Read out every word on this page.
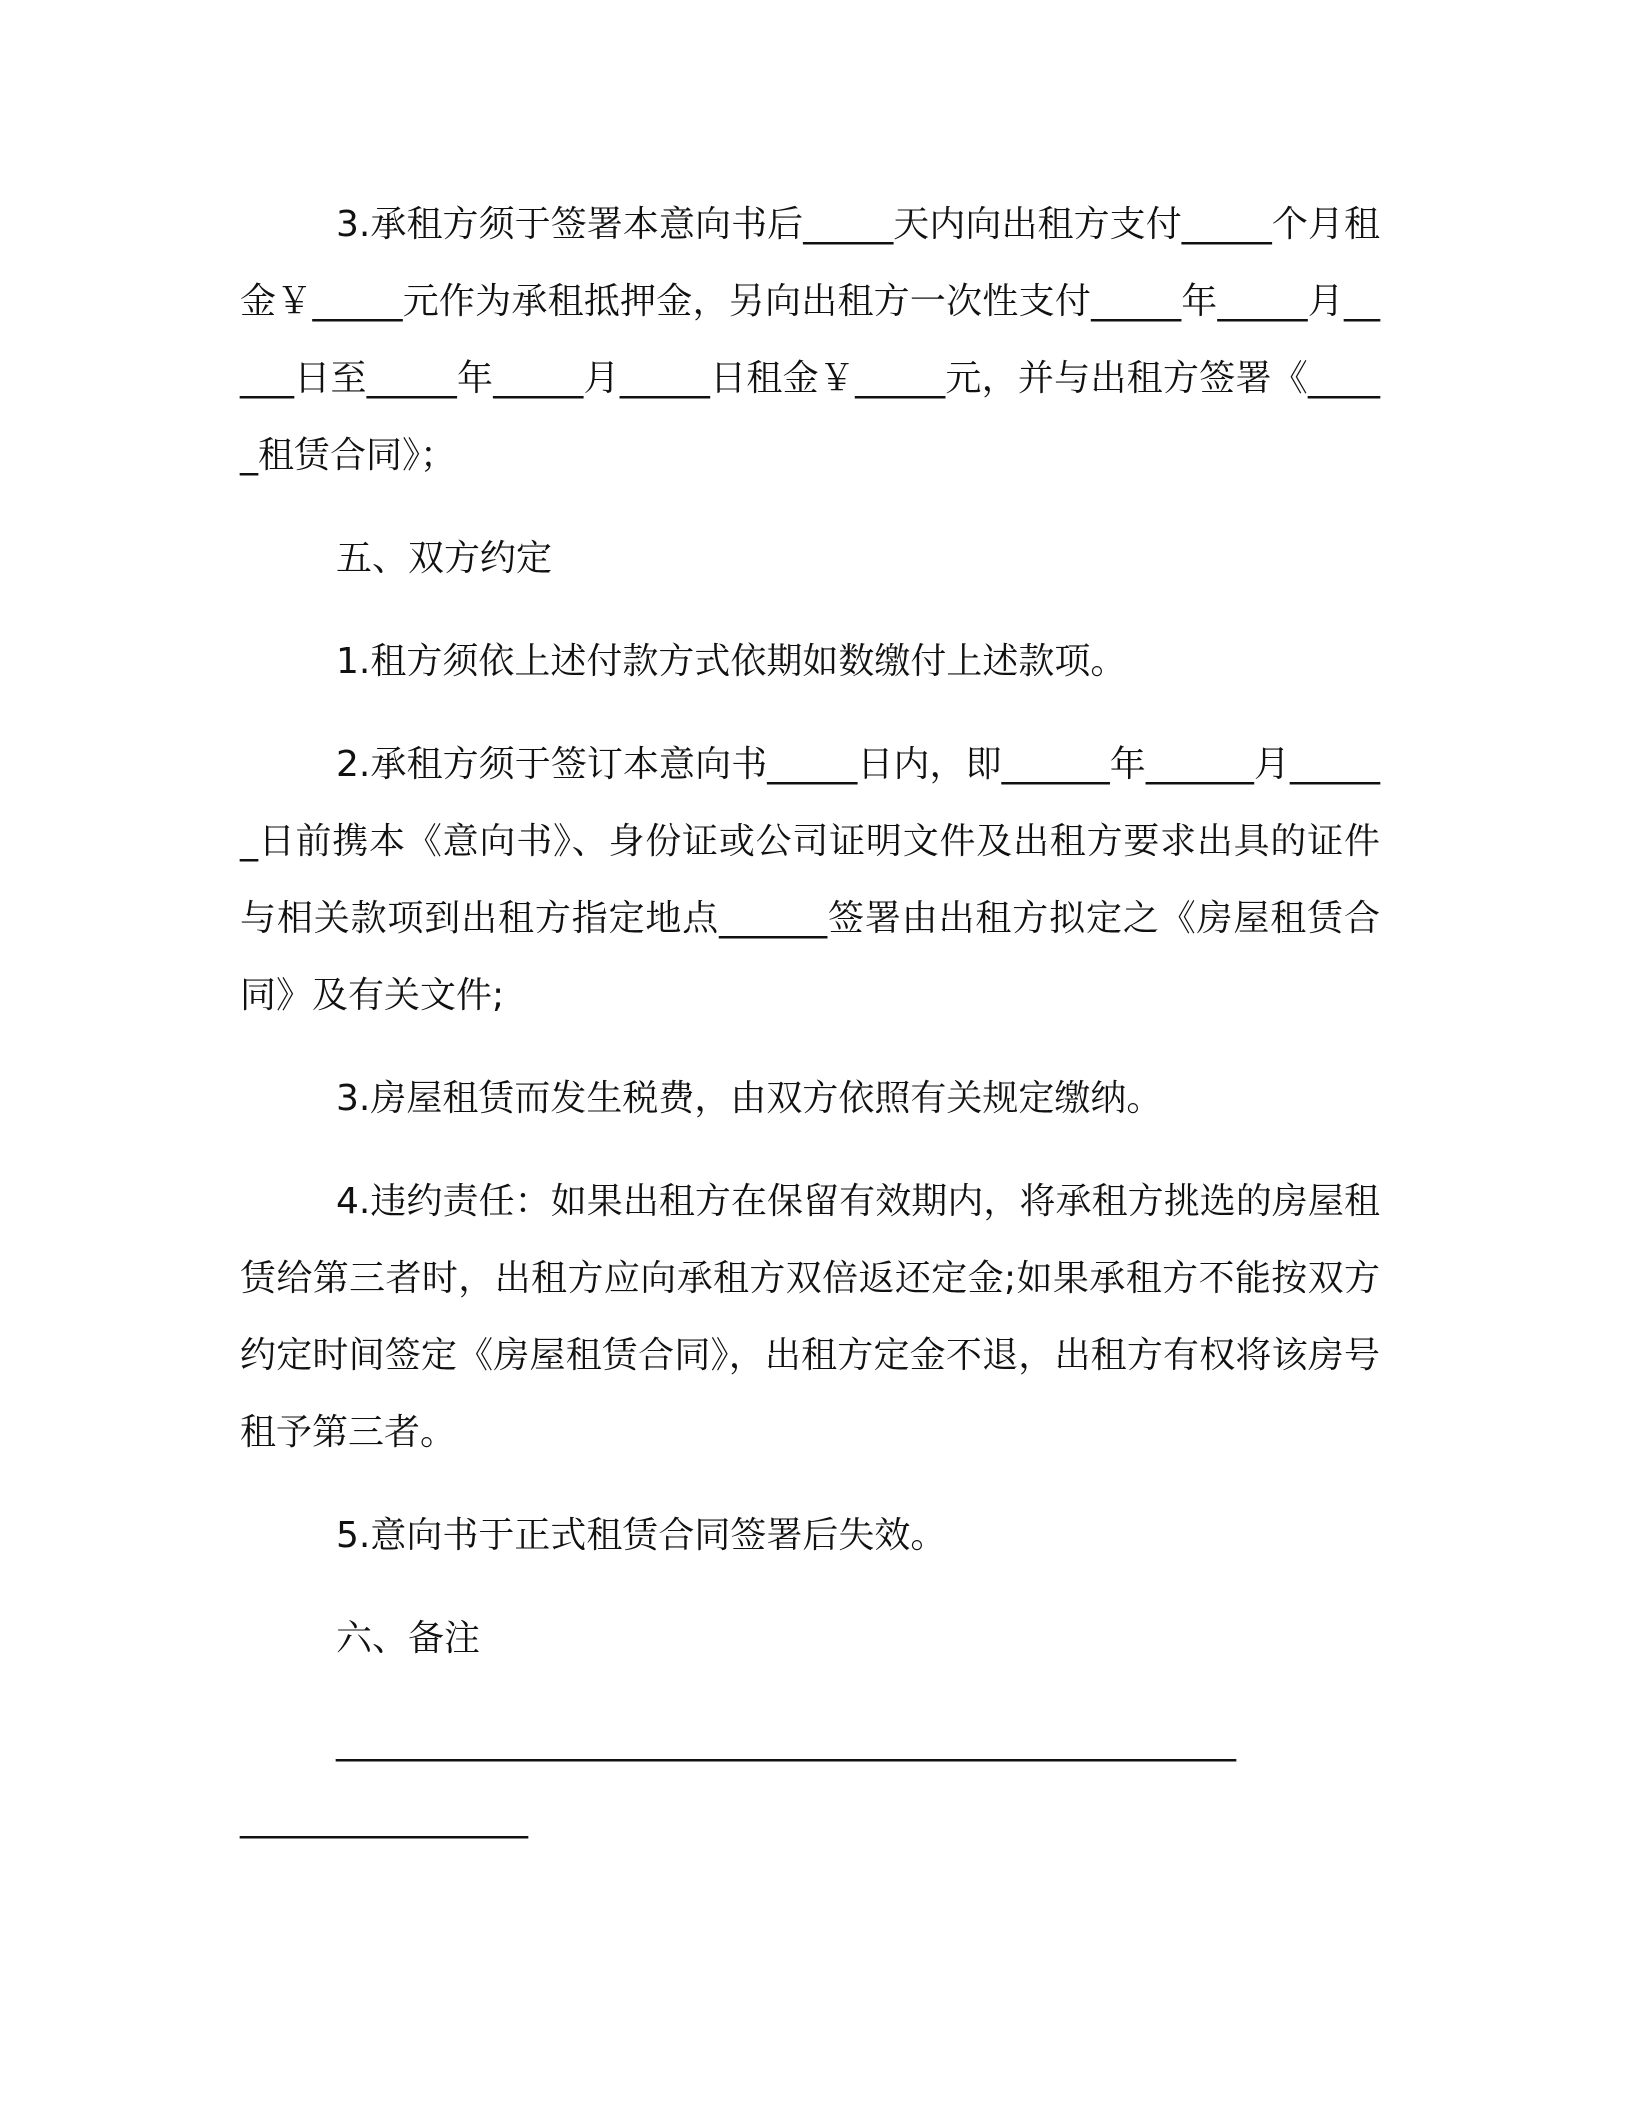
3.承租方须于签署本意向书后_____天内向出租方支付_____个月租金￥_____元作为承租抵押金，另向出租方一次性支付_____年_____月_____日至_____年_____月_____日租金￥_____元，并与出租方签署《_____租赁合同》；

五、双方约定

1.租方须依上述付款方式依期如数缴付上述款项。

2.承租方须于签订本意向书_____日内，即______年______月______日前携本《意向书》、身份证或公司证明文件及出租方要求出具的证件与相关款项到出租方指定地点______签署由出租方拟定之《房屋租赁合同》及有关文件;

3.房屋租赁而发生税费，由双方依照有关规定缴纳。

4.违约责任：如果出租方在保留有效期内，将承租方挑选的房屋租赁给第三者时，出租方应向承租方双倍返还定金;如果承租方不能按双方约定时间签定《房屋租赁合同》，出租方定金不退，出租方有权将该房号租予第三者。

5.意向书于正式租赁合同签署后失效。

六、备注

__________________________________________________

________________
